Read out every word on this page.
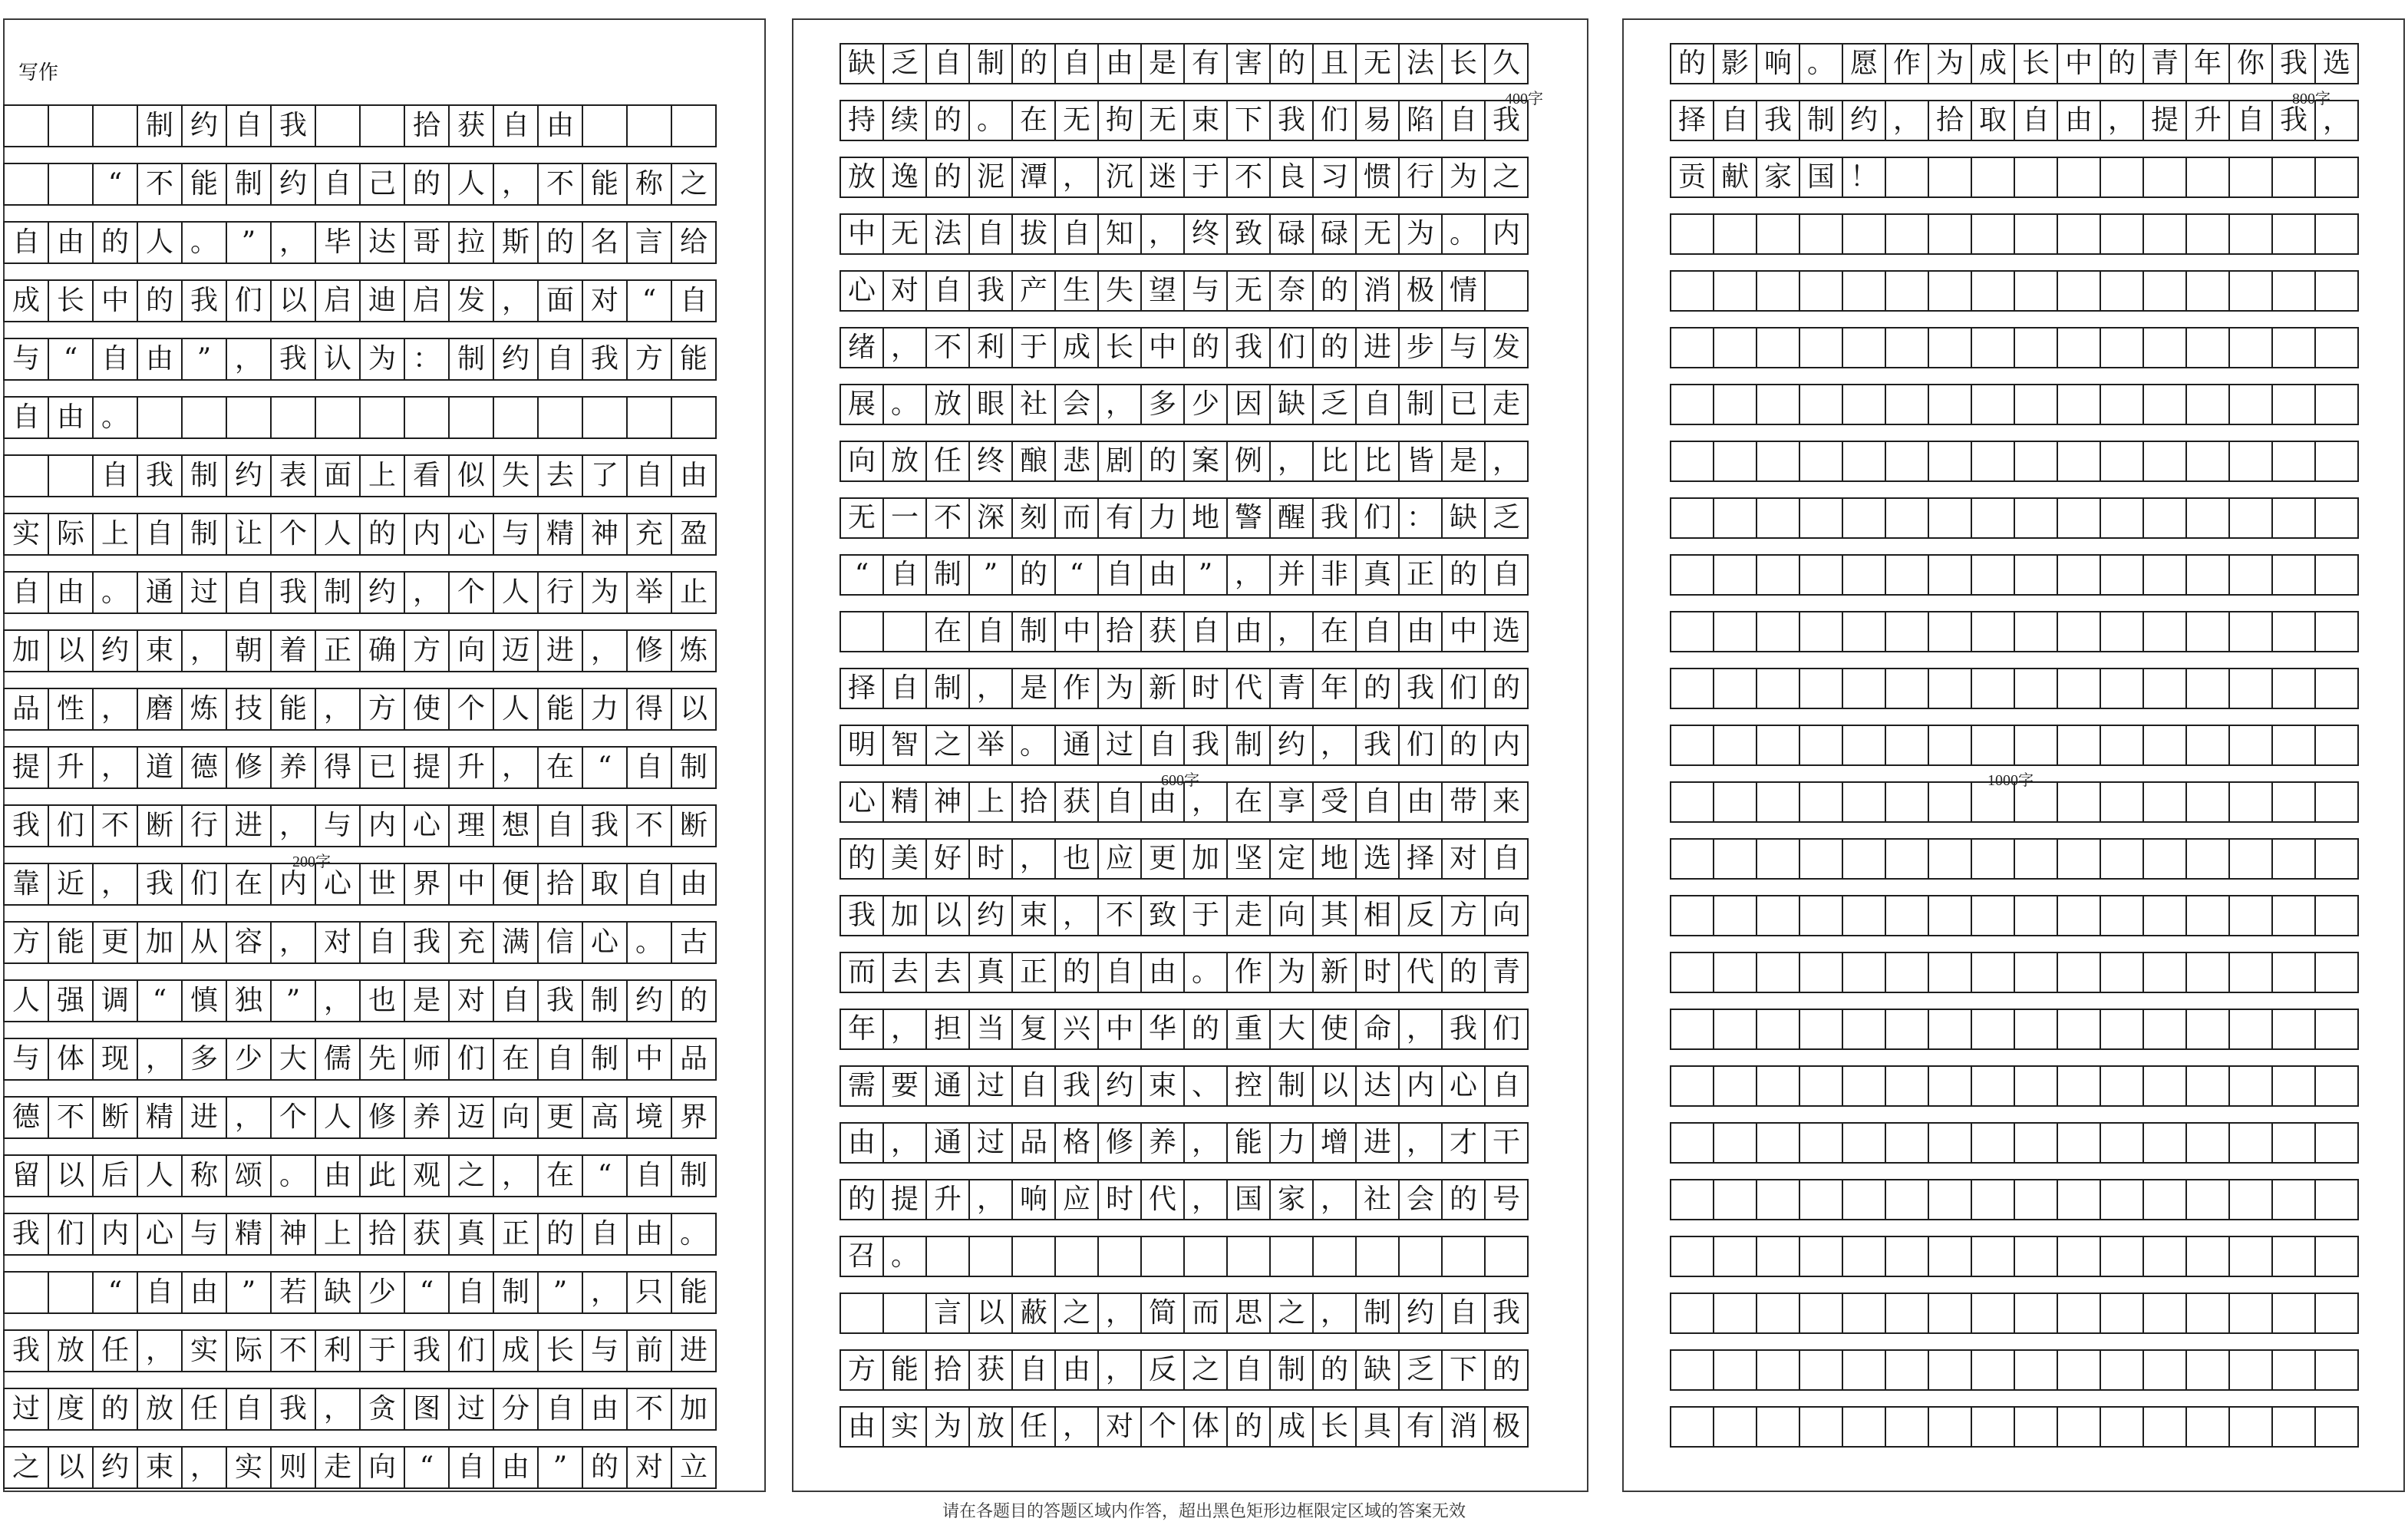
写作
请在各题目的答题区域内作答，超出黑色矩形边框限定区域的答案无效
制 约 自 我	拾 获 自 由
“ 不 能 制 约 自 己 的 人 ， 不 能 称 之
自 由 的 人 。 ” ， 毕 达 哥 拉 斯 的 名 言 给
成 长 中 的 我 们 以 启 迪 启 发 ， 面 对 “ 自
与 “ 自 由 ” ， 我 认 为 ： 制 约 自 我 方 能
自 由 。
自 我 制 约 表 面 上 看 似 失 去 了 自 由
实 际 上 自 制 让 个 人 的 内 心 与 精 神 充 盈
自 由 。 通 过 自 我 制 约 ， 个 人 行 为 举 止
加 以 约 束 ， 朝 着 正 确 方 向 迈 进 ， 修 炼
品 性 ， 磨 炼 技 能 ， 方 使 个 人 能 力 得 以
提 升 ， 道 德 修 养 得 已 提 升 ， 在 “ 自 制
我 们 不 断 行 进 ， 与 内 心 理 想 自 我 不 断
靠 近 ， 我 们 在 内 心 世 界 中 便 拾 取 自 由
方 能 更 加 从 容 ， 对 自 我 充 满 信 心 。 古
人 强 调 “ 慎 独 ” ， 也 是 对 自 我 制 约 的
与 体 现 ， 多 少 大 儒 先 师 们 在 自 制 中 品
德 不 断 精 进 ， 个 人 修 养 迈 向 更 高 境 界
留 以 后 人 称 颂 。 由 此 观 之 ， 在 “ 自 制
我 们 内 心 与 精 神 上 拾 获 真 正 的 自 由 。
“ 自 由 ” 若 缺 少 “ 自 制 ” ， 只 能
我 放 任 ， 实 际 不 利 于 我 们 成 长 与 前 进
过 度 的 放 任 自 我 ， 贪 图 过 分 自 由 不 加
之 以 约 束 ， 实 则 走 向 “ 自 由 ” 的 对 立
200字
缺 乏 自 制 的 自 由 是 有 害 的 且 无 法 长 久
持 续 的 。 在 无 拘 无 束 下 我 们 易 陷 自 我
放 逸 的 泥 潭 ， 沉 迷 于 不 良 习 惯 行 为 之
中 无 法 自 拔 自 知 ， 终 致 碌 碌 无 为 。 内
心 对 自 我 产 生 失 望 与 无 奈 的 消 极 情
绪 ， 不 利 于 成 长 中 的 我 们 的 进 步 与 发
展 。 放 眼 社 会 ， 多 少 因 缺 乏 自 制 已 走
向 放 任 终 酿 悲 剧 的 案 例 ， 比 比 皆 是 ，
无 一 不 深 刻 而 有 力 地 警 醒 我 们 ： 缺 乏
“ 自 制 ” 的 “ 自 由 ” ， 并 非 真 正 的 自
在 自 制 中 拾 获 自 由 ， 在 自 由 中 选
择 自 制 ， 是 作 为 新 时 代 青 年 的 我 们 的
明 智 之 举 。 通 过 自 我 制 约 ， 我 们 的 内
心 精 神 上 拾 获 自 由 ， 在 享 受 自 由 带 来
的 美 好 时 ， 也 应 更 加 坚 定 地 选 择 对 自
我 加 以 约 束 ， 不 致 于 走 向 其 相 反 方 向
而 去 去 真 正 的 自 由 。 作 为 新 时 代 的 青
年 ， 担 当 复 兴 中 华 的 重 大 使 命 ， 我 们
需 要 通 过 自 我 约 束 、 控 制 以 达 内 心 自
由 ， 通 过 品 格 修 养 ， 能 力 增 进 ， 才 干
的 提 升 ， 响 应 时 代 ， 国 家 ， 社 会 的 号
召 。
言 以 蔽 之 ， 简 而 思 之 ， 制 约 自 我
方 能 拾 获 自 由 ， 反 之 自 制 的 缺 乏 下 的
由 实 为 放 任 ， 对 个 体 的 成 长 具 有 消 极
400字
600字
的 影 响 。 愿 作 为 成 长 中 的 青 年 你 我 选
择 自 我 制 约 ， 拾 取 自 由 ， 提 升 自 我 ，
贡 献 家 国 ！
800字
1000字
